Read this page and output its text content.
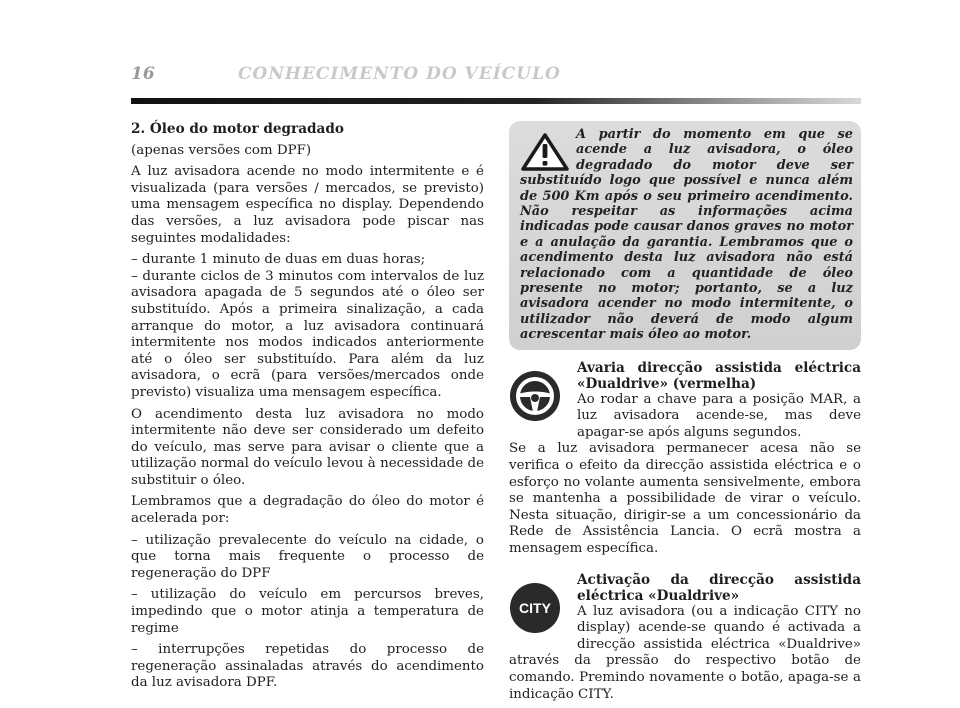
16	CONHECIMENTO DO VEÍCULO

2. Óleo do motor degradado

(apenas versões com DPF)

A luz avisadora acende no modo intermitente e é visualizada (para versões / mercados, se previsto) uma mensagem específica no display. Dependendo das versões, a luz avisadora pode piscar nas seguintes modalidades:

– durante 1 minuto de duas em duas horas;

– durante ciclos de 3 minutos com intervalos de luz avisadora apagada de 5 segundos até o óleo ser substituído. Após a primeira sinalização, a cada arranque do motor, a luz avisadora continuará intermitente nos modos indicados anteriormente até o óleo ser substituído. Para além da luz avisadora, o ecrã (para versões/mercados onde previsto) visualiza uma mensagem específica.

O acendimento desta luz avisadora no modo intermitente não deve ser considerado um defeito do veículo, mas serve para avisar o cliente que a utilização normal do veículo levou à necessidade de substituir o óleo.

Lembramos que a degradação do óleo do motor é acelerada por:

– utilização prevalecente do veículo na cidade, o que torna mais frequente o processo de regeneração do DPF

– utilização do veículo em percursos breves, impedindo que o motor atinja a temperatura de regime

– interrupções repetidas do processo de regeneração assinaladas através do acendimento da luz avisadora DPF.

A partir do momento em que se acende a luz avisadora, o óleo degradado do motor deve ser substituído logo que possível e nunca além de 500 Km após o seu primeiro acendimento. Não respeitar as informações acima indicadas pode causar danos graves no motor e a anulação da garantia. Lembramos que o acendimento desta luz avisadora não está relacionado com a quantidade de óleo presente no motor; portanto, se a luz avisadora acender no modo intermitente, o utilizador não deverá de modo algum acrescentar mais óleo ao motor.

Avaria direcção assistida eléctrica «Dualdrive» (vermelha)

Ao rodar a chave para a posição MAR, a luz avisadora acende-se, mas deve apagar-se após alguns segundos.

Se a luz avisadora permanecer acesa não se verifica o efeito da direcção assistida eléctrica e o esforço no volante aumenta sensivelmente, embora se mantenha a possibilidade de virar o veículo. Nesta situação, dirigir-se a um concessionário da Rede de Assistência Lancia. O ecrã mostra a mensagem específica.

CITY

Activação da direcção assistida eléctrica «Dualdrive»

A luz avisadora (ou a indicação CITY no display) acende-se quando é activada a direcção assistida eléctrica «Dualdrive» através da pressão do respectivo botão de comando. Premindo novamente o botão, apaga-se a indicação CITY.
